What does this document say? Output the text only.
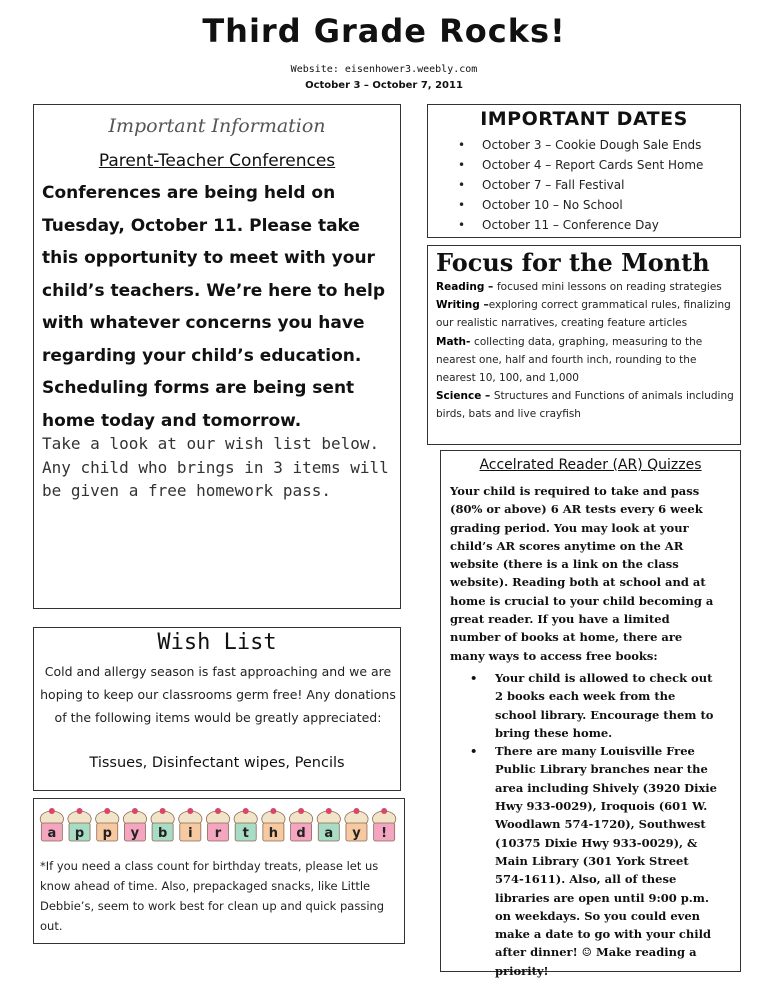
Third Grade Rocks!
Website: eisenhower3.weebly.com
October 3 – October 7, 2011
Important Information
Parent-Teacher Conferences
Conferences are being held on Tuesday, October 11. Please take this opportunity to meet with your child’s teachers. We’re here to help with whatever concerns you have regarding your child’s education. Scheduling forms are being sent home today and tomorrow.
Take a look at our wish list below. Any child who brings in 3 items will be given a free homework pass.
IMPORTANT DATES
• October 3 – Cookie Dough Sale Ends
• October 4 – Report Cards Sent Home
• October 7 – Fall Festival
• October 10 – No School
• October 11 – Conference Day
Focus for the Month
Reading – focused mini lessons on reading strategies
Writing –exploring correct grammatical rules, finalizing our realistic narratives, creating feature articles
Math- collecting data, graphing, measuring to the nearest one, half and fourth inch, rounding to the nearest 10, 100, and 1,000
Science – Structures and Functions of animals including birds, bats and live crayfish
Accelrated Reader (AR) Quizzes
Your child is required to take and pass (80% or above) 6 AR tests every 6 week grading period. You may look at your child’s AR scores anytime on the AR website (there is a link on the class website). Reading both at school and at home is crucial to your child becoming a great reader. If you have a limited number of books at home, there are many ways to access free books:
• Your child is allowed to check out 2 books each week from the school library. Encourage them to bring these home.
• There are many Louisville Free Public Library branches near the area including Shively (3920 Dixie Hwy 933-0029), Iroquois (601 W. Woodlawn 574-1720), Southwest (10375 Dixie Hwy 933-0029), & Main Library (301 York Street 574-1611). Also, all of these libraries are open until 9:00 p.m. on weekdays. So you could even make a date to go with your child after dinner! ☺ Make reading a priority!
Wish List
Cold and allergy season is fast approaching and we are hoping to keep our classrooms germ free! Any donations of the following items would be greatly appreciated:
Tissues, Disinfectant wipes, Pencils
a p p y b i r t h d a y !
*If you need a class count for birthday treats, please let us know ahead of time. Also, prepackaged snacks, like Little Debbie’s, seem to work best for clean up and quick passing out.
